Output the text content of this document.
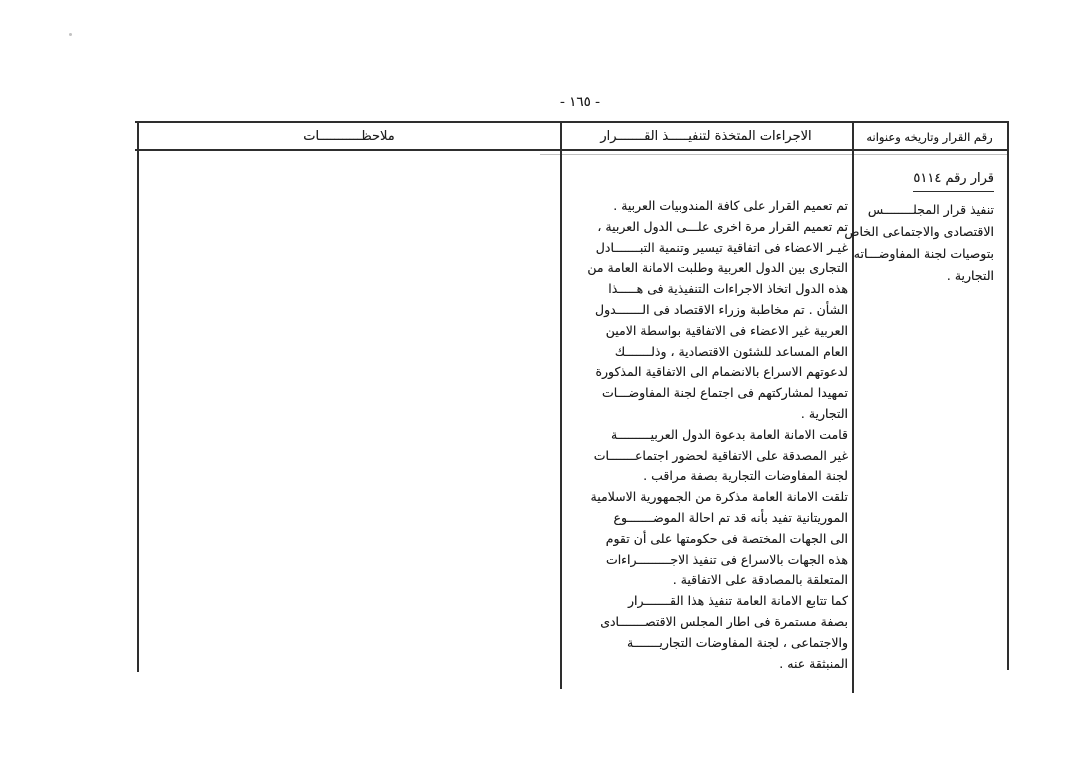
- ١٦٥ -
ملاحظـــــــــــات	الاجراءات المتخذة لتنفيـــــذ القـــــــرار	رقم القرار وتاريخه وعنوانه
قرار رقم ٥١١٤
تنفيذ قرار المجلــــــــس
الاقتصادى والاجتماعى الخاص
بتوصيات لجنة المفاوضـــاته
التجارية .
تم تعميم القرار على كافة المندوبيات العربية .
تم تعميم القرار مرة اخرى علـــى الدول العربية ،
غيـر الاعضاء فى اتفاقية تيسير وتنمية التبـــــــادل
التجارى بين الدول العربية وطلبت الامانة العامة من
هذه الدول اتخاذ الاجراءات التنفيذية فى هـــــذا
الشأن . تم مخاطبة وزراء الاقتصاد فى الـــــــدول
العربية غير الاعضاء فى الاتفاقية بواسطة الامين
العام المساعد للشئون الاقتصادية ، وذلـــــــك
لدعوتهم الاسراع بالانضمام الى الاتفاقية المذكورة
تمهيدا لمشاركتهم فى اجتماع لجنة المفاوضـــات
التجارية .
قامت الامانة العامة بدعوة الدول العربيـــــــــة
غير المصدقة على الاتفاقية لحضور اجتماعـــــــات
لجنة المفاوضات التجارية بصفة مراقب .
تلقت الامانة العامة مذكرة من الجمهورية الاسلامية
الموريتانية تفيد بأنه قد تم احالة الموضـــــــوع
الى الجهات المختصة فى حكومتها على أن تقوم
هذه الجهات بالاسراع فى تنفيذ الاجـــــــــراءات
المتعلقة بالمصادقة على الاتفاقية .
كما تتابع الامانة العامة تنفيذ هذا القـــــــرار
بصفة مستمرة فى اطار المجلس الاقتصـــــــادى
والاجتماعى ، لجنة المفاوضات التجاريـــــــة
المنبثقة عنه .
